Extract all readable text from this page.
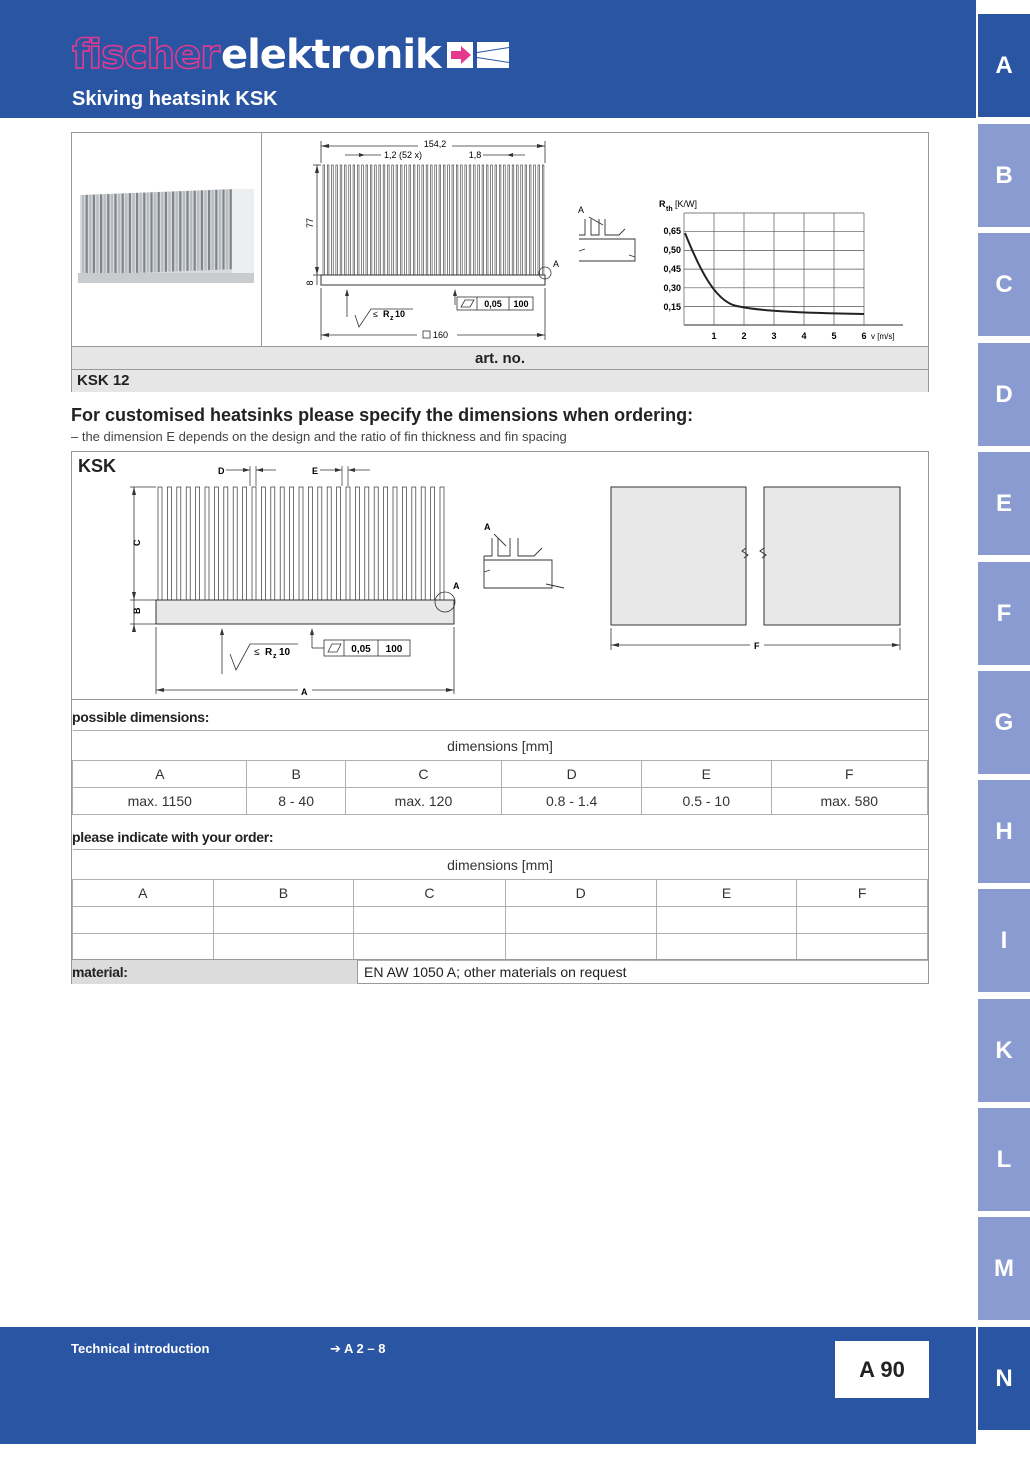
fischer elektronik
Skiving heatsink KSK
A
B
C
D
E
F
G
H
I
K
L
M
N
154,2
1,2 (52 x)	1,8
77
8
A
≤ R z 10
0,05 100
160
A
R
th
[K/W]
0,65
0,50
0,45
0,30
0,15
1	2	3	4	5	6 v [m/s]
art. no.
KSK 12
For customised heatsinks please specify the dimensions when ordering:
– the dimension E depends on the design and the ratio of fin thickness and fin spacing
KSK	D	E
C
B
A
≤ R z 10	0,05 100
A
A
F
possible dimensions:
dimensions [mm]					
A	B	C	D	E	F
max. 1150	8 - 40	max. 120	0.8 - 1.4	0.5 - 10	max. 580
please indicate with your order:
dimensions [mm]					
A	B	C	D	E	F

material:	EN AW 1050 A; other materials on request
Technical introduction	➔ A 2 – 8
A 90
